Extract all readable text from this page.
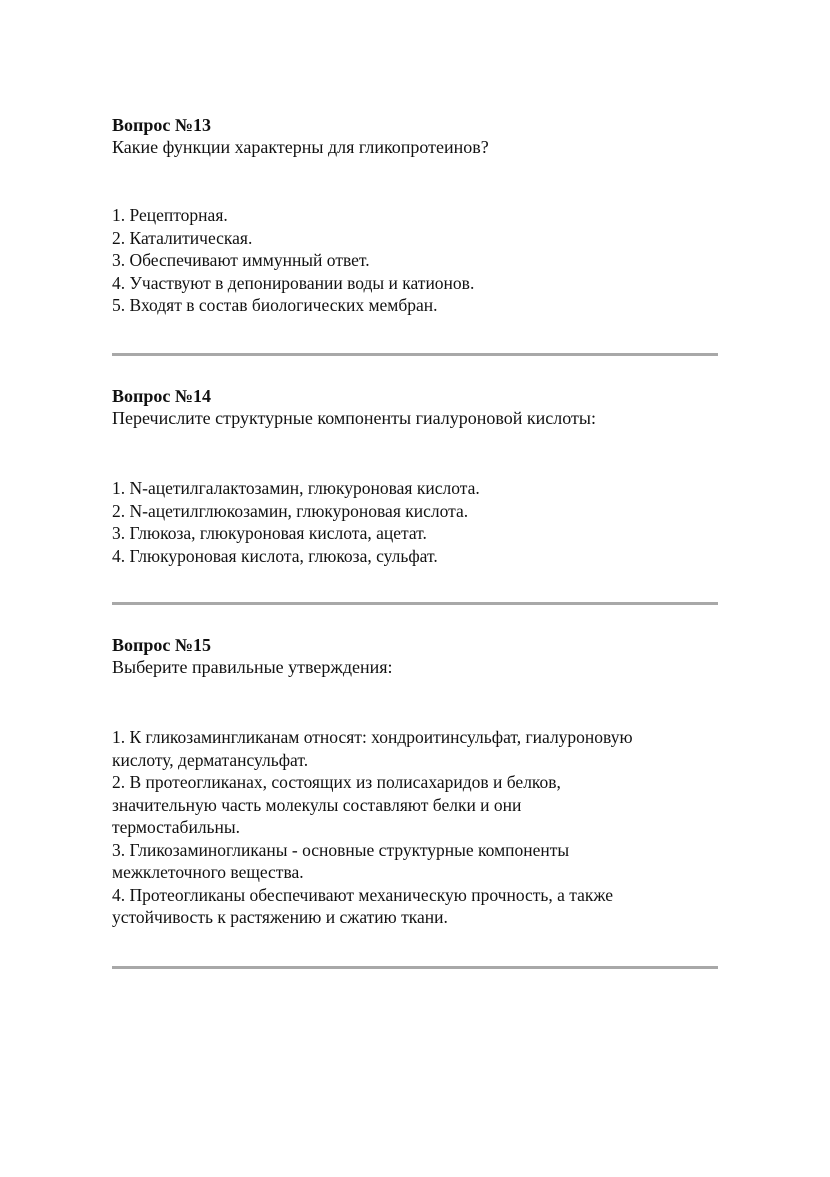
Вопрос №13

Какие функции характерны для гликопротеинов?

1. Рецепторная.
2. Каталитическая.
3. Обеспечивают иммунный ответ.
4. Участвуют в депонировании воды и катионов.
5. Входят в состав биологических мембран.

Вопрос №14

Перечислите структурные компоненты гиалуроновой кислоты:

1. N-ацетилгалактозамин, глюкуроновая кислота.
2. N-ацетилглюкозамин, глюкуроновая кислота.
3. Глюкоза, глюкуроновая кислота, ацетат.
4. Глюкуроновая кислота, глюкоза, сульфат.

Вопрос №15

Выберите правильные утверждения:

1. К гликозамингликанам относят: хондроитинсульфат, гиалуроновую
кислоту, дерматансульфат.
2. В протеогликанах, состоящих из полисахаридов и белков,
значительную часть молекулы составляют белки и они
термостабильны.
3. Гликозаминогликаны - основные структурные компоненты
межклеточного вещества.
4. Протеогликаны обеспечивают механическую прочность, а также
устойчивость к растяжению и сжатию ткани.
